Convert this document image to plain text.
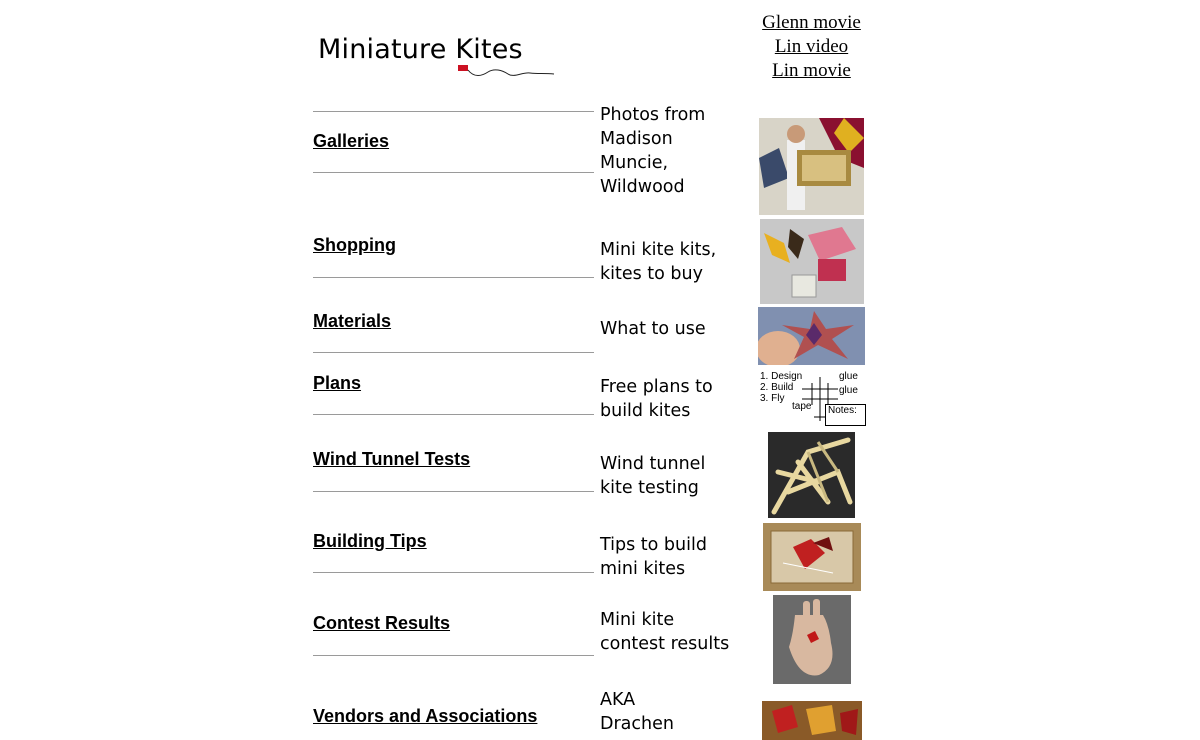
Miniature Kites
Glenn movie
Lin video
Lin movie
Galleries
Photos from
Madison
Muncie,
Wildwood
Shopping	Mini kite kits,
kites to buy
Materials	What to use
Plans	Free plans to
build kites
1. Design
2. Build
3. Fly
glue
glue
tape	Notes:
Wind Tunnel Tests	Wind tunnel
kite testing
Building Tips	Tips to build
mini kites
Contest Results	Mini kite
contest results
Vendors and Associations
AKA
Drachen
